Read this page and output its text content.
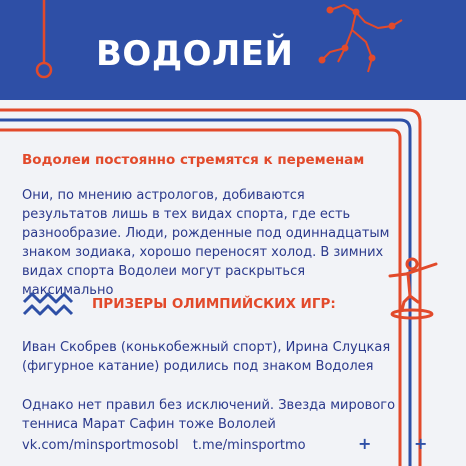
ВОДОЛЕЙ

Водолеи постоянно стремятся к переменам

Они, по мнению астрологов, добиваются результатов лишь в тех видах спорта, где есть разнообразие. Люди, рожденные под одиннадцатым знаком зодиака, хорошо переносят холод. В зимних видах спорта Водолеи могут раскрыться максимально

ПРИЗЕРЫ ОЛИМПИЙСКИХ ИГР:

Иван Скобрев (конькобежный спорт), Ирина Слуцкая (фигурное катание) родились под знаком Водолея

Однако нет правил без исключений. Звезда мирового тенниса Марат Сафин тоже Вололей

vk.com/minsportmosobl t.me/minsportmo	+	+
